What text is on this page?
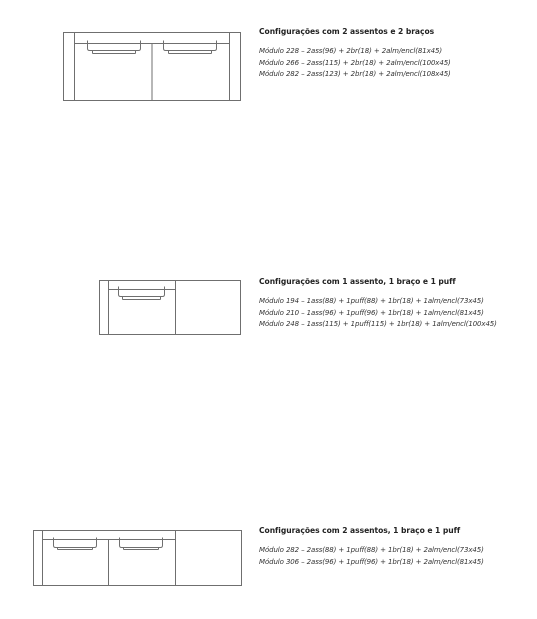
Configurações com 2 assentos e 2 braços

Módulo 228 – 2ass(96) + 2br(18) + 2alm/encl(81x45)
Módulo 266 – 2ass(115) + 2br(18) + 2alm/encl(100x45)
Módulo 282 – 2ass(123) + 2br(18) + 2alm/encl(108x45)

Configurações com 1 assento, 1 braço e 1 puff

Módulo 194 – 1ass(88) + 1puff(88) + 1br(18) + 1alm/encl(73x45)
Módulo 210 – 1ass(96) + 1puff(96) + 1br(18) + 1alm/encl(81x45)
Módulo 248 – 1ass(115) + 1puff(115) + 1br(18) + 1alm/encl(100x45)

Configurações com 2 assentos, 1 braço e 1 puff

Módulo 282 – 2ass(88) + 1puff(88) + 1br(18) + 2alm/encl(73x45)
Módulo 306 – 2ass(96) + 1puff(96) + 1br(18) + 2alm/encl(81x45)
